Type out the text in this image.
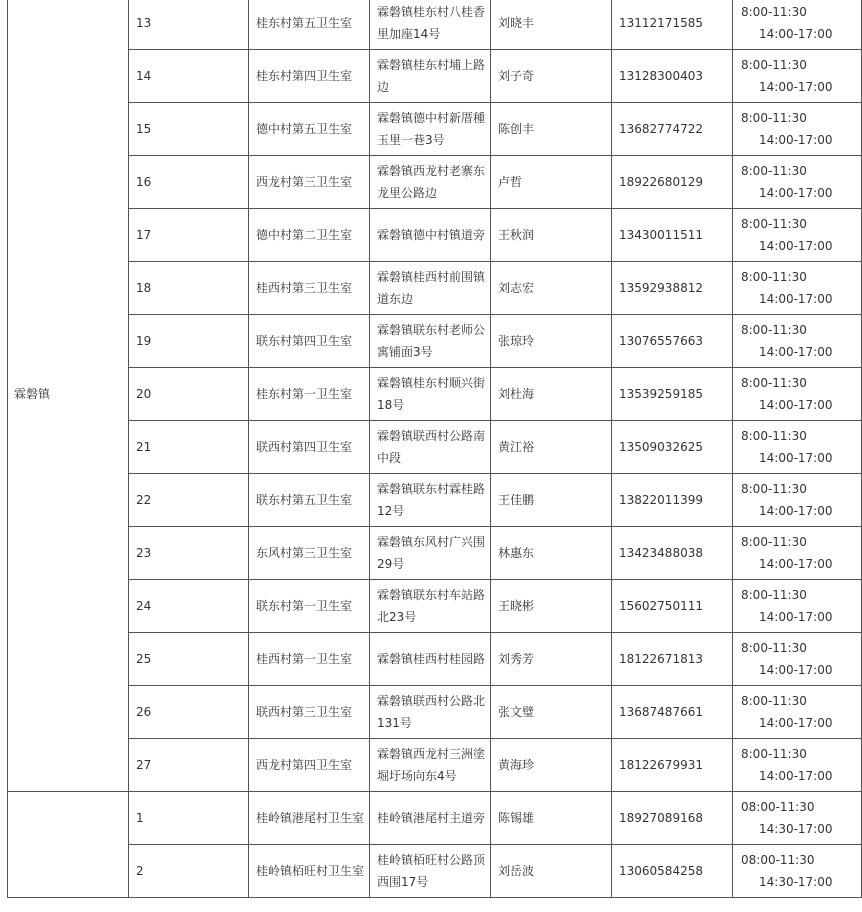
霖磐镇	13	桂东村第五卫生室	霖磐镇桂东村八桂香里加座14号	刘晓丰	13112171585	8:00-11:30
14:00-17:00

	14	桂东村第四卫生室	霖磐镇桂东村埔上路边	刘子奇	13128300403	8:00-11:30
14:00-17:00

	15	德中村第五卫生室	霖磐镇德中村新厝種玉里一巷3号	陈创丰	13682774722	8:00-11:30
14:00-17:00

	16	西龙村第三卫生室	霖磐镇西龙村老寨东龙里公路边	卢哲	18922680129	8:00-11:30
14:00-17:00

	17	德中村第二卫生室	霖磐镇德中村镇道旁	王秋润	13430011511	8:00-11:30
14:00-17:00

	18	桂西村第三卫生室	霖磐镇桂西村前围镇道东边	刘志宏	13592938812	8:00-11:30
14:00-17:00

	19	联东村第四卫生室	霖磐镇联东村老师公寓铺面3号	张琼玲	13076557663	8:00-11:30
14:00-17:00

	20	桂东村第一卫生室	霖磐镇桂东村顺兴街18号	刘杜海	13539259185	8:00-11:30
14:00-17:00

	21	联西村第四卫生室	霖磐镇联西村公路南中段	黄江裕	13509032625	8:00-11:30
14:00-17:00

	22	联东村第五卫生室	霖磐镇联东村霖桂路12号	王佳鹏	13822011399	8:00-11:30
14:00-17:00

	23	东风村第三卫生室	霖磐镇东风村广兴围29号	林惠东	13423488038	8:00-11:30
14:00-17:00

	24	联东村第一卫生室	霖磐镇联东村车站路北23号	王晓彬	15602750111	8:00-11:30
14:00-17:00

	25	桂西村第一卫生室	霖磐镇桂西村桂园路	刘秀芳	18122671813	8:00-11:30
14:00-17:00

	26	联西村第三卫生室	霖磐镇联西村公路北131号	张文璧	13687487661	8:00-11:30
14:00-17:00

	27	西龙村第四卫生室	霖磐镇西龙村三洲塗堀圩场向东4号	黄海珍	18122679931	8:00-11:30
14:00-17:00

	1	桂岭镇港尾村卫生室	桂岭镇港尾村主道旁	陈锡雄	18927089168	08:00-11:30
14:30-17:00

	2	桂岭镇栢旺村卫生室	桂岭镇栢旺村公路顶西围17号	刘岳波	13060584258	08:00-11:30
14:30-17:00
